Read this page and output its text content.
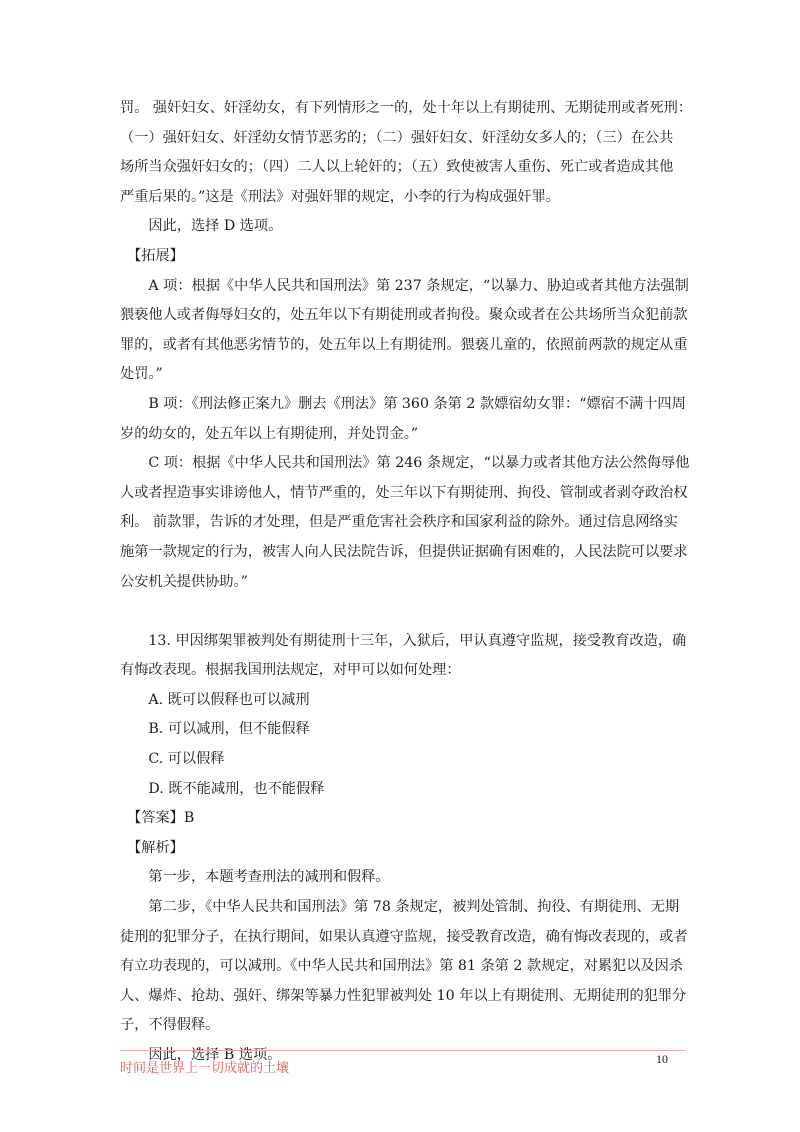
罚。 强奸妇女、奸淫幼女，有下列情形之一的，处十年以上有期徒刑、无期徒刑或者死刑：
（一）强奸妇女、奸淫幼女情节恶劣的；（二）强奸妇女、奸淫幼女多人的；（三）在公共
场所当众强奸妇女的；（四）二人以上轮奸的；（五）致使被害人重伤、死亡或者造成其他
严重后果的。”这是《刑法》对强奸罪的规定，小李的行为构成强奸罪。
　　因此，选择 D 选项。
　【拓展】
　　A 项：根据《中华人民共和国刑法》第 237 条规定，“以暴力、胁迫或者其他方法强制
猥亵他人或者侮辱妇女的，处五年以下有期徒刑或者拘役。聚众或者在公共场所当众犯前款
罪的，或者有其他恶劣情节的，处五年以上有期徒刑。猥亵儿童的，依照前两款的规定从重
处罚。”
　　B 项：《刑法修正案九》删去《刑法》第 360 条第 2 款嫖宿幼女罪：“嫖宿不满十四周
岁的幼女的，处五年以上有期徒刑，并处罚金。”
　　C 项：根据《中华人民共和国刑法》第 246 条规定，“以暴力或者其他方法公然侮辱他
人或者捏造事实诽谤他人，情节严重的，处三年以下有期徒刑、拘役、管制或者剥夺政治权
利。 前款罪，告诉的才处理，但是严重危害社会秩序和国家利益的除外。通过信息网络实
施第一款规定的行为，被害人向人民法院告诉，但提供证据确有困难的，人民法院可以要求
公安机关提供协助。”
　　13. 甲因绑架罪被判处有期徒刑十三年，入狱后，甲认真遵守监规，接受教育改造，确
有悔改表现。根据我国刑法规定，对甲可以如何处理：
　　A. 既可以假释也可以减刑
　　B. 可以减刑，但不能假释
　　C. 可以假释
　　D. 既不能减刑，也不能假释
　【答案】B
　【解析】
　　第一步，本题考查刑法的减刑和假释。
　　第二步，《中华人民共和国刑法》第 78 条规定，被判处管制、拘役、有期徒刑、无期
徒刑的犯罪分子，在执行期间，如果认真遵守监规，接受教育改造，确有悔改表现的，或者
有立功表现的，可以减刑。《中华人民共和国刑法》第 81 条第 2 款规定，对累犯以及因杀
人、爆炸、抢劫、强奸、绑架等暴力性犯罪被判处 10 年以上有期徒刑、无期徒刑的犯罪分
子，不得假释。
　　因此，选择 B 选项。
时间是世界上一切成就的土壤
10
